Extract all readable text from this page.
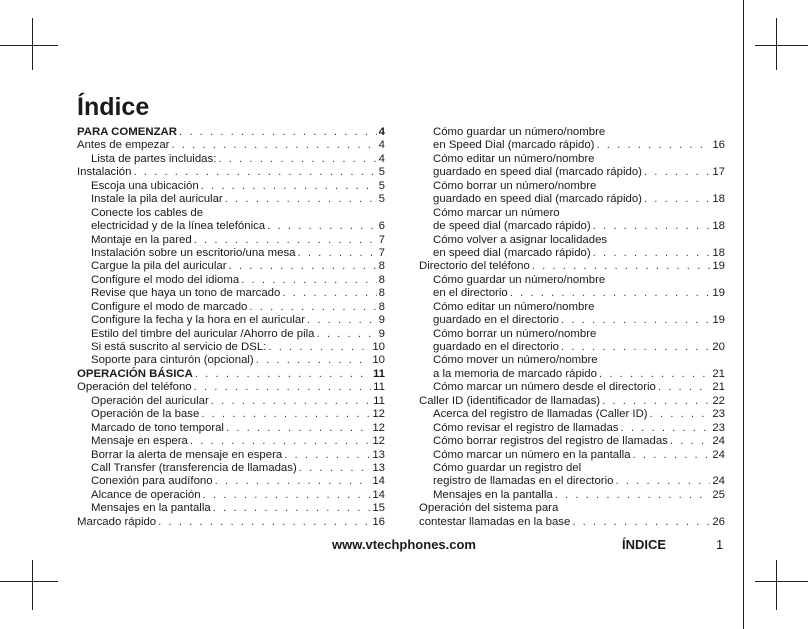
Índice
PARA COMENZAR . . .	4
Antes de empezar . . .	4
Lista de partes incluidas: . . .	4
Instalación . . .	5
Escoja una ubicación . . .	5
Instale la pila del auricular . . .	5
Conecte los cables de
electricidad y de la línea telefónica . . .	6
Montaje en la pared . . .	7
Instalación sobre un escritorio/una mesa . . .	7
Cargue la pila del auricular . . .	8
Configure el modo del idioma . . .	8
Revise que haya un tono de marcado . . .	8
Configure el modo de marcado . . .	8
Configure la fecha y la hora en el auricular . . .	9
Estilo del timbre del auricular /Ahorro de pila . . .	9
Si está suscrito al servicio de DSL: . . .	10
Soporte para cinturón (opcional) . . .	10
OPERACIÓN BÁSICA . . .	11
Operación del teléfono . . .	11
Operación del auricular . . .	11
Operación de la base . . .	12
Marcado de tono temporal . . .	12
Mensaje en espera . . .	12
Borrar la alerta de mensaje en espera . . .	13
Call Transfer (transferencia de llamadas) . . .	13
Conexión para audífono . . .	14
Alcance de operación . . .	14
Mensajes en la pantalla . . .	15
Marcado rápido . . .	16
Cómo guardar un número/nombre
en Speed Dial (marcado rápido) . . .	16
Cómo editar un número/nombre
guardado en speed dial (marcado rápido) . . .	17
Cómo borrar un número/nombre
guardado en speed dial (marcado rápido) . . .	18
Cómo marcar un número
de speed dial (marcado rápido) . . .	18
Cómo volver a asignar localidades
en speed dial (marcado rápido) . . .	18
Directorio del teléfono . . .	19
Cómo guardar un número/nombre
en el directorio . . .	19
Cómo editar un número/nombre
guardado en el directorio . . .	19
Cómo borrar un número/nombre
guardado en el directorio . . .	20
Cómo mover un número/nombre
a la memoria de marcado rápido . . .	21
Cómo marcar un número desde el directorio . . .	21
Caller ID (identificador de llamadas) . . .	22
Acerca del registro de llamadas (Caller ID) . . .	23
Cómo revisar el registro de llamadas . . .	23
Cómo borrar registros del registro de llamadas . . .	24
Cómo marcar un número en la pantalla . . .	24
Cómo guardar un registro del
registro de llamadas en el directorio . . .	24
Mensajes en la pantalla . . .	25
Operación del sistema para
contestar llamadas en la base . . .	26
www.vtechphones.com	ÍNDICE	1
